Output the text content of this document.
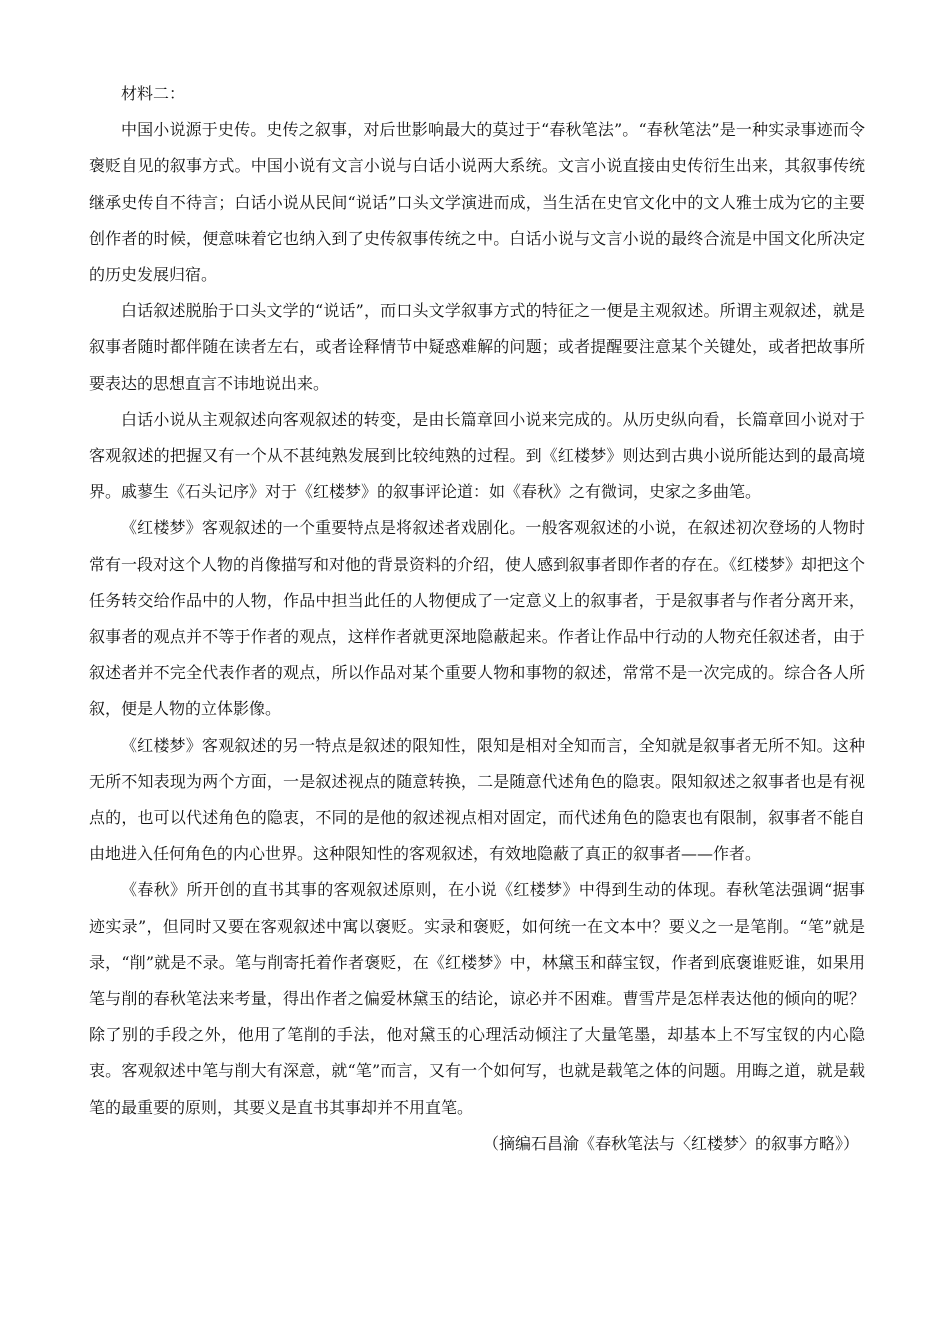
材料二：

中国小说源于史传。史传之叙事，对后世影响最大的莫过于“春秋笔法”。“春秋笔法”是一种实录事迹而令褒贬自见的叙事方式。中国小说有文言小说与白话小说两大系统。文言小说直接由史传衍生出来，其叙事传统继承史传自不待言；白话小说从民间“说话”口头文学演进而成，当生活在史官文化中的文人雅士成为它的主要创作者的时候，便意味着它也纳入到了史传叙事传统之中。白话小说与文言小说的最终合流是中国文化所决定的历史发展归宿。

白话叙述脱胎于口头文学的“说话”，而口头文学叙事方式的特征之一便是主观叙述。所谓主观叙述，就是叙事者随时都伴随在读者左右，或者诠释情节中疑惑难解的问题；或者提醒要注意某个关键处，或者把故事所要表达的思想直言不讳地说出来。

白话小说从主观叙述向客观叙述的转变，是由长篇章回小说来完成的。从历史纵向看，长篇章回小说对于客观叙述的把握又有一个从不甚纯熟发展到比较纯熟的过程。到《红楼梦》则达到古典小说所能达到的最高境界。戚蓼生《石头记序》对于《红楼梦》的叙事评论道：如《春秋》之有微词，史家之多曲笔。

《红楼梦》客观叙述的一个重要特点是将叙述者戏剧化。一般客观叙述的小说，在叙述初次登场的人物时常有一段对这个人物的肖像描写和对他的背景资料的介绍，使人感到叙事者即作者的存在。《红楼梦》却把这个任务转交给作品中的人物，作品中担当此任的人物便成了一定意义上的叙事者，于是叙事者与作者分离开来，叙事者的观点并不等于作者的观点，这样作者就更深地隐蔽起来。作者让作品中行动的人物充任叙述者，由于叙述者并不完全代表作者的观点，所以作品对某个重要人物和事物的叙述，常常不是一次完成的。综合各人所叙，便是人物的立体影像。

《红楼梦》客观叙述的另一特点是叙述的限知性，限知是相对全知而言，全知就是叙事者无所不知。这种无所不知表现为两个方面，一是叙述视点的随意转换，二是随意代述角色的隐衷。限知叙述之叙事者也是有视点的，也可以代述角色的隐衷，不同的是他的叙述视点相对固定，而代述角色的隐衷也有限制，叙事者不能自由地进入任何角色的内心世界。这种限知性的客观叙述，有效地隐蔽了真正的叙事者——作者。

《春秋》所开创的直书其事的客观叙述原则，在小说《红楼梦》中得到生动的体现。春秋笔法强调“据事迹实录”，但同时又要在客观叙述中寓以褒贬。实录和褒贬，如何统一在文本中？要义之一是笔削。“笔”就是录，“削”就是不录。笔与削寄托着作者褒贬，在《红楼梦》中，林黛玉和薛宝钗，作者到底褒谁贬谁，如果用笔与削的春秋笔法来考量，得出作者之偏爱林黛玉的结论，谅必并不困难。曹雪芹是怎样表达他的倾向的呢？除了别的手段之外，他用了笔削的手法，他对黛玉的心理活动倾注了大量笔墨，却基本上不写宝钗的内心隐衷。客观叙述中笔与削大有深意，就“笔”而言，又有一个如何写，也就是载笔之体的问题。用晦之道，就是载笔的最重要的原则，其要义是直书其事却并不用直笔。

（摘编石昌渝《春秋笔法与〈红楼梦〉的叙事方略》）
